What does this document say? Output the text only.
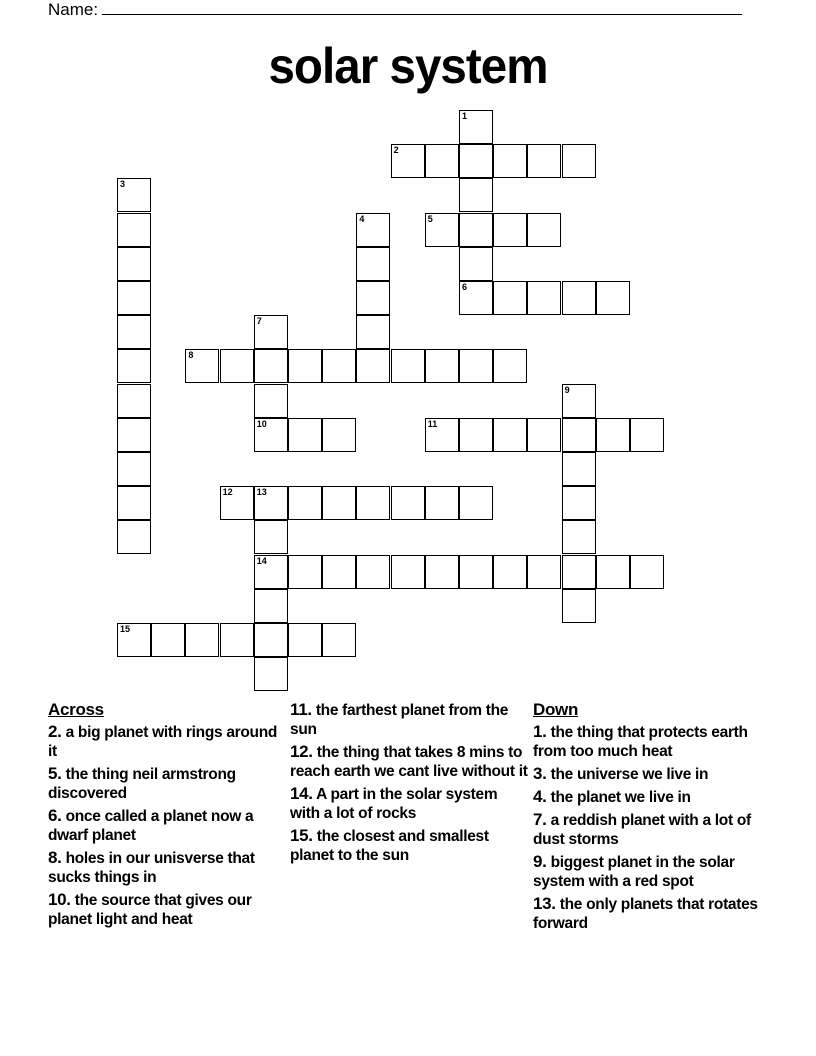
Name:
solar system
1
6
2
3
4	5
7
10
8
9
11
12	13
14
15
Across
2. a big planet with rings around it
5. the thing neil armstrong discovered
6. once called a planet now a dwarf planet
8. holes in our unisverse that sucks things in
10. the source that gives our planet light and heat
11. the farthest planet from the sun
12. the thing that takes 8 mins to reach earth we cant live without it
14. A part in the solar system with a lot of rocks
15. the closest and smallest planet to the sun
Down
1. the thing that protects earth from too much heat
3. the universe we live in
4. the planet we live in
7. a reddish planet with a lot of dust storms
9. biggest planet in the solar system with a red spot
13. the only planets that rotates forward
